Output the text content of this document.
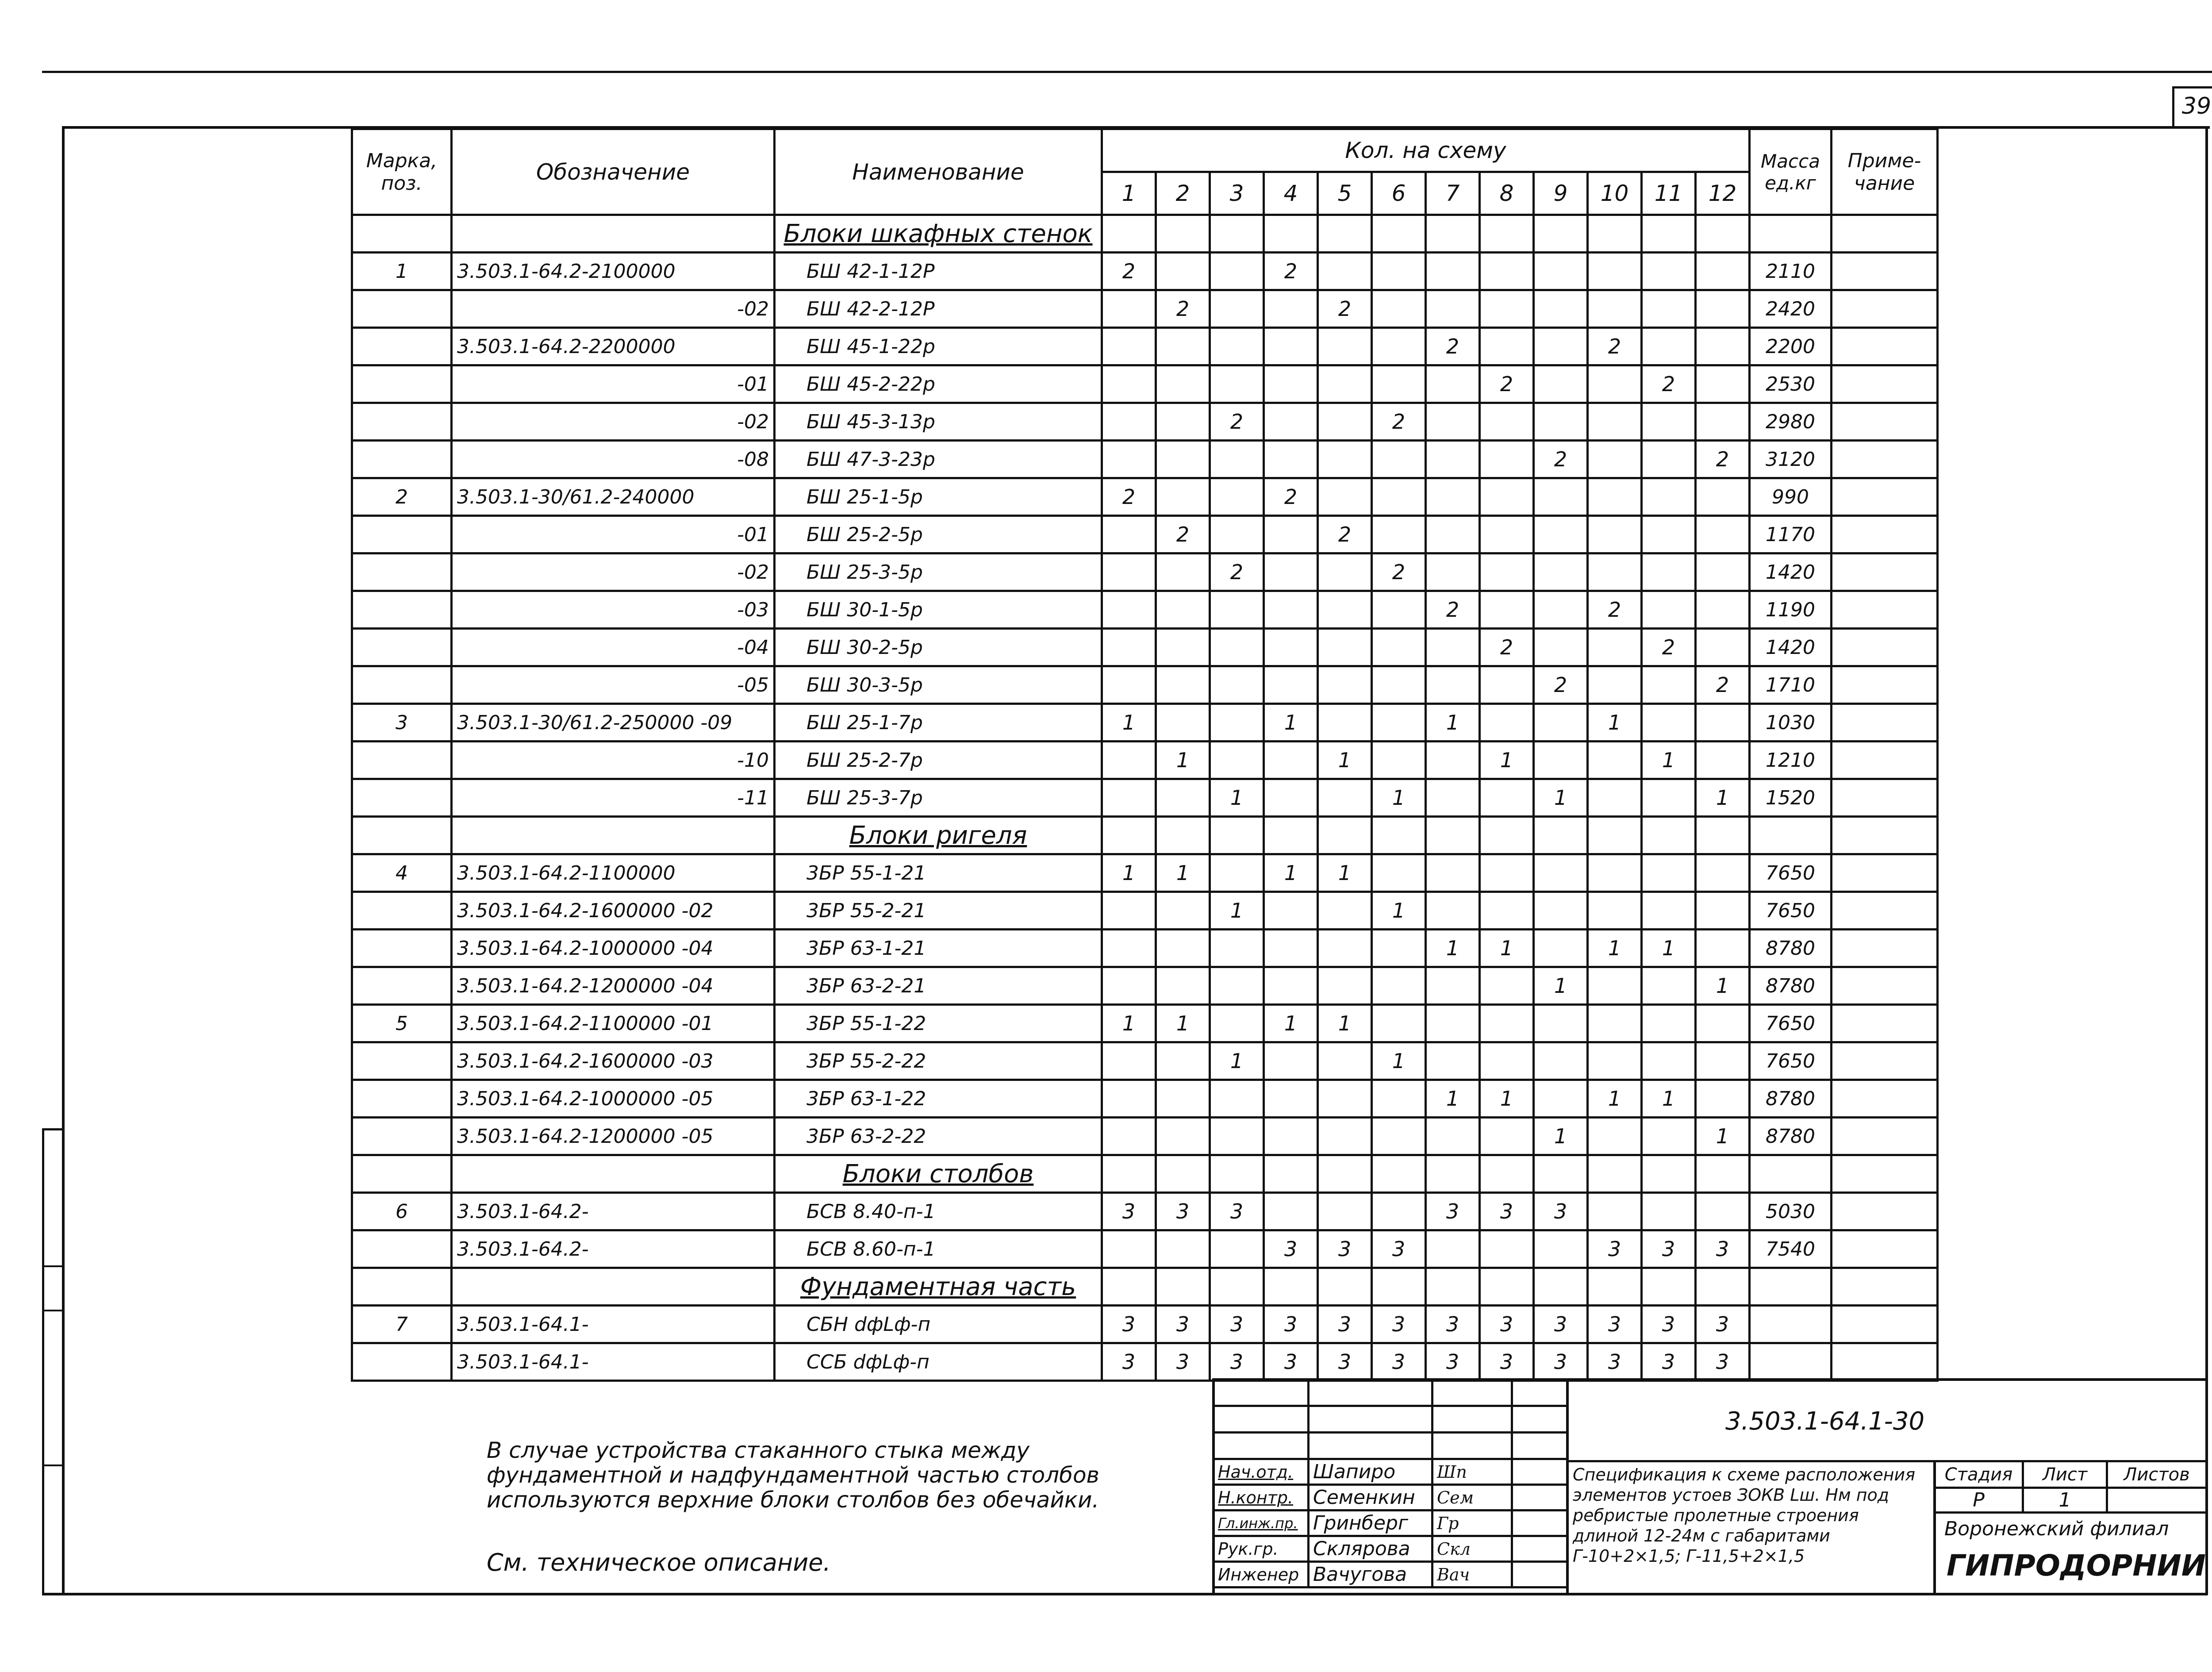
39
Марка, поз.	Обозначение	Наименование	Кол. на схему												Масса ед.кг	Приме- чание
			1	2	3	4	5	6	7	8	9	10	11	12		
		Блоки шкафных стенок														
1	3.503.1-64.2-2100000	БШ 42-1-12Р	2			2									2110	
	-02	БШ 42-2-12Р		2			2								2420	
	3.503.1-64.2-2200000	БШ 45-1-22р							2			2			2200	
	-01	БШ 45-2-22р								2			2		2530	
	-02	БШ 45-3-13р			2			2							2980	
	-08	БШ 47-3-23р									2			2	3120	
2	3.503.1-30/61.2-240000	БШ 25-1-5р	2			2									990	
	-01	БШ 25-2-5р		2			2								1170	
	-02	БШ 25-3-5р			2			2							1420	
	-03	БШ 30-1-5р							2			2			1190	
	-04	БШ 30-2-5р								2			2		1420	
	-05	БШ 30-3-5р									2			2	1710	
3	3.503.1-30/61.2-250000 -09	БШ 25-1-7р	1			1			1			1			1030	
	-10	БШ 25-2-7р		1			1			1			1		1210	
	-11	БШ 25-3-7р			1			1			1			1	1520	
		Блоки ригеля														
4	3.503.1-64.2-1100000	3БР 55-1-21	1	1		1	1								7650	
	3.503.1-64.2-1600000 -02	3БР 55-2-21			1			1							7650	
	3.503.1-64.2-1000000 -04	3БР 63-1-21							1	1		1	1		8780	
	3.503.1-64.2-1200000 -04	3БР 63-2-21									1			1	8780	
5	3.503.1-64.2-1100000 -01	3БР 55-1-22	1	1		1	1								7650	
	3.503.1-64.2-1600000 -03	3БР 55-2-22			1			1							7650	
	3.503.1-64.2-1000000 -05	3БР 63-1-22							1	1		1	1		8780	
	3.503.1-64.2-1200000 -05	3БР 63-2-22									1			1	8780	
		Блоки столбов														
6	3.503.1-64.2-	БСВ 8.40-п-1	3	3	3				3	3	3				5030	
	3.503.1-64.2-	БСВ 8.60-п-1				3	3	3				3	3	3	7540	
		Фундаментная часть														
7	3.503.1-64.1-	СБН dфLф-п	3	3	3	3	3	3	3	3	3	3	3	3		
	3.503.1-64.1-	ССБ dфLф-п	3	3	3	3	3	3	3	3	3	3	3	3		
В случае устройства стаканного стыка между фундаментной и надфундаментной частью столбов используются верхние блоки столбов без обечайки.
См. техническое описание.

Нач.отд.	Шапиро	Шп	
Н.контр.	Семенкин	Сем	
Гл.инж.пр.	Гринберг	Гр	
Рук.гр.	Склярова	Скл	
Инженер	Вачугова	Вач	
3.503.1-64.1-30
Спецификация к схеме расположения элементов устоев ЗОКВ Lш. Нм под ребристые пролетные строения длиной 12-24м с габаритами Г-10+2×1,5; Г-11,5+2×1,5
Стадия	Лист	Листов
Р	1	
Воронежский филиал
ГИПРОДОРНИИ
